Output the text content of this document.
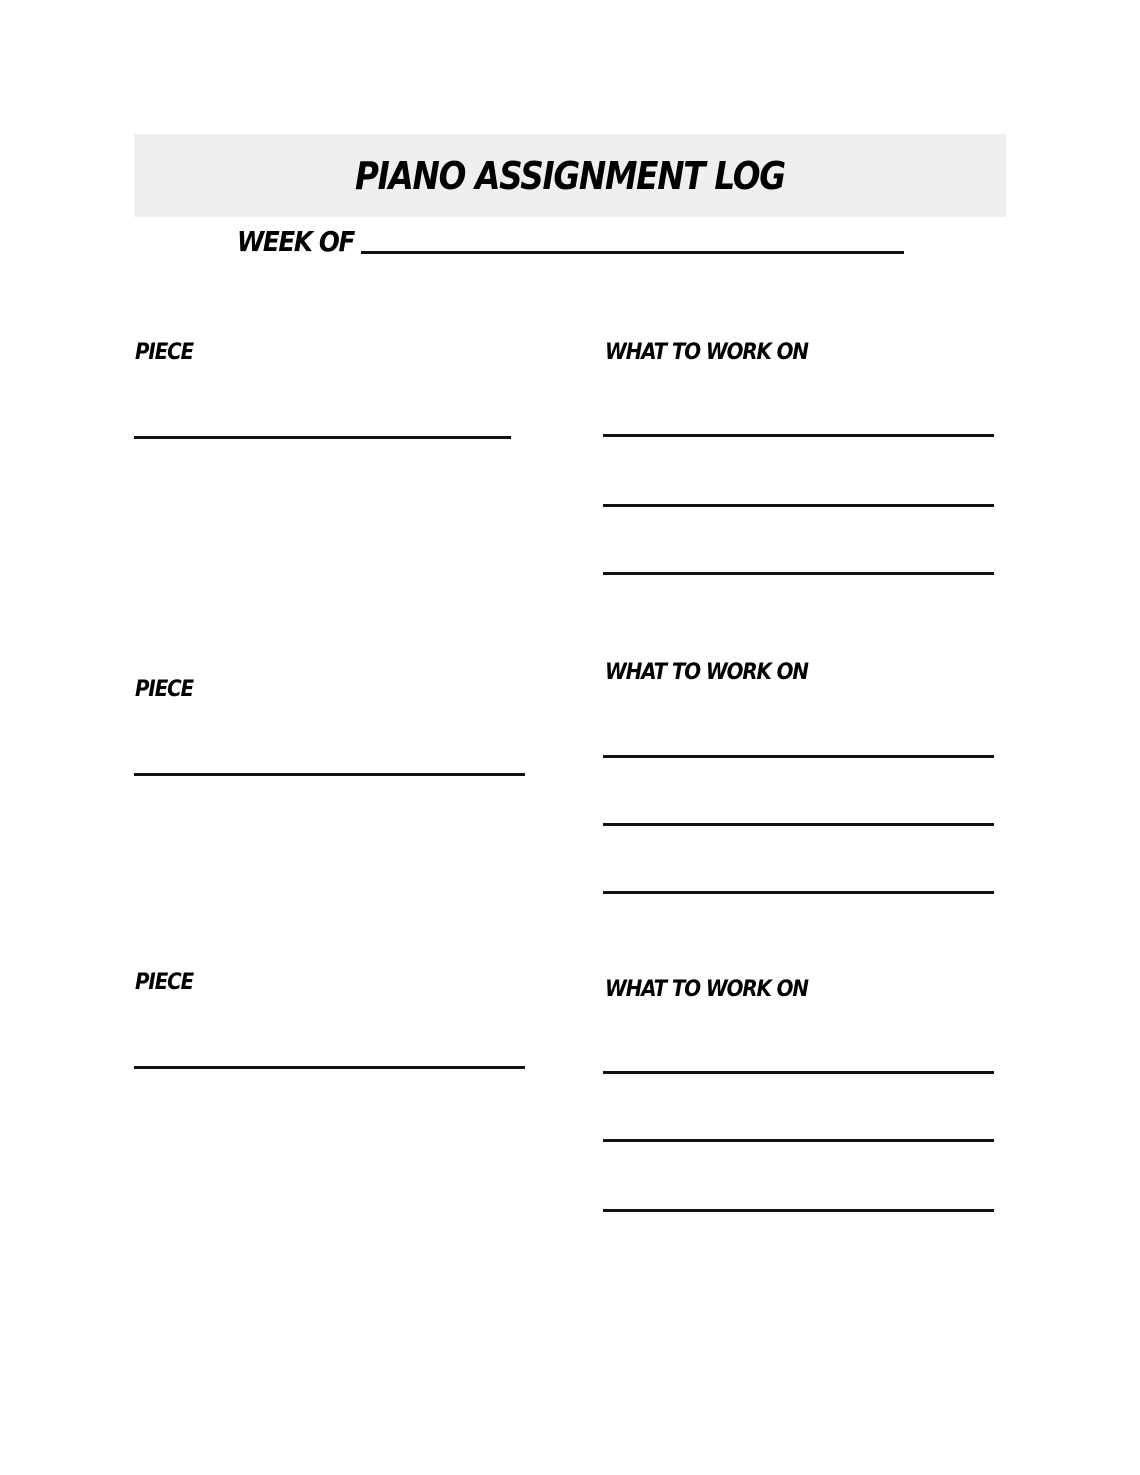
PIANO ASSIGNMENT LOG
WEEK OF
PIECE	WHAT TO WORK ON
PIECE
WHAT TO WORK ON
PIECE	WHAT TO WORK ON
